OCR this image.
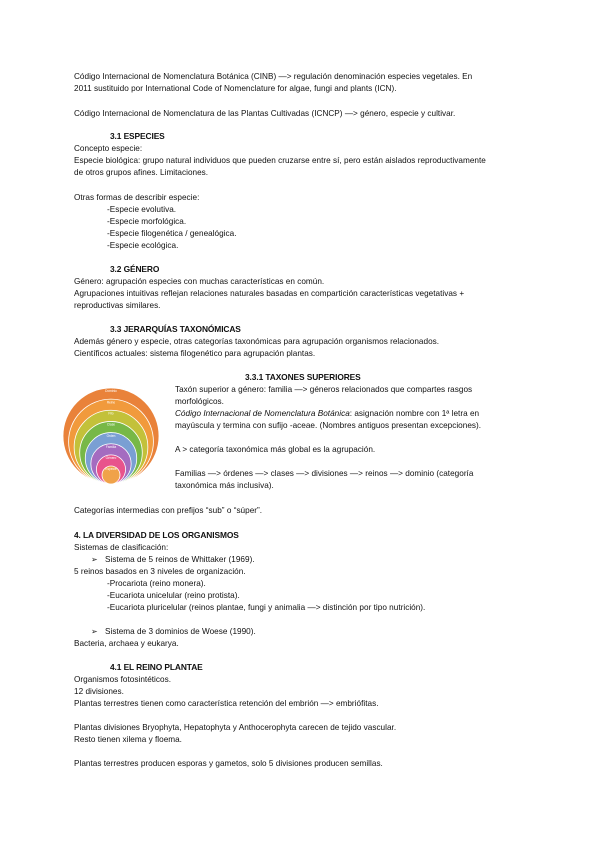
Código Internacional de Nomenclatura Botánica (CINB) —> regulación denominación especies vegetales. En
2011 sustituido por International Code of Nomenclature for algae, fungi and plants (ICN).
Código Internacional de Nomenclatura de las Plantas Cultivadas (ICNCP) —> género, especie y cultivar.
3.1 ESPECIES
Concepto especie:
Especie biológica: grupo natural individuos que pueden cruzarse entre sí, pero están aislados reproductivamente
de otros grupos afines. Limitaciones.
Otras formas de describir especie:
-Especie evolutiva.
-Especie morfológica.
-Especie filogenética / genealógica.
-Especie ecológica.
3.2 GÉNERO
Género: agrupación especies con muchas características en común.
Agrupaciones intuitivas reflejan relaciones naturales basadas en compartición características vegetativas +
reproductivas similares.
3.3 JERARQUÍAS TAXONÓMICAS
Además género y especie, otras categorías taxonómicas para agrupación organismos relacionados.
Científicos actuales: sistema filogenético para agrupación plantas.
Dominio
Reino
Filo
Clase
Orden
Familia
Género
Especie
3.3.1 TAXONES SUPERIORES
Taxón superior a género: familia —> géneros relacionados que compartes rasgos
morfológicos.
Código Internacional de Nomenclatura Botánica: asignación nombre con 1ª letra en
mayúscula y termina con sufijo -aceae. (Nombres antiguos presentan excepciones).
A > categoría taxonómica más global es la agrupación.
Familias —> órdenes —> clases —> divisiones —> reinos —> dominio (categoría
taxonómica más inclusiva).
Categorías intermedias con prefijos “sub” o “súper”.
4. LA DIVERSIDAD DE LOS ORGANISMOS
Sistemas de clasificación:
➢ Sistema de 5 reinos de Whittaker (1969).
5 reinos basados en 3 niveles de organización.
-Procariota (reino monera).
-Eucariota unicelular (reino protista).
-Eucariota pluricelular (reinos plantae, fungi y animalia —> distinción por tipo nutrición).
➢ Sistema de 3 dominios de Woese (1990).
Bacteria, archaea y eukarya.
4.1 EL REINO PLANTAE
Organismos fotosintéticos.
12 divisiones.
Plantas terrestres tienen como característica retención del embrión —> embriófitas.
Plantas divisiones Bryophyta, Hepatophyta y Anthocerophyta carecen de tejido vascular.
Resto tienen xilema y floema.
Plantas terrestres producen esporas y gametos, solo 5 divisiones producen semillas.
